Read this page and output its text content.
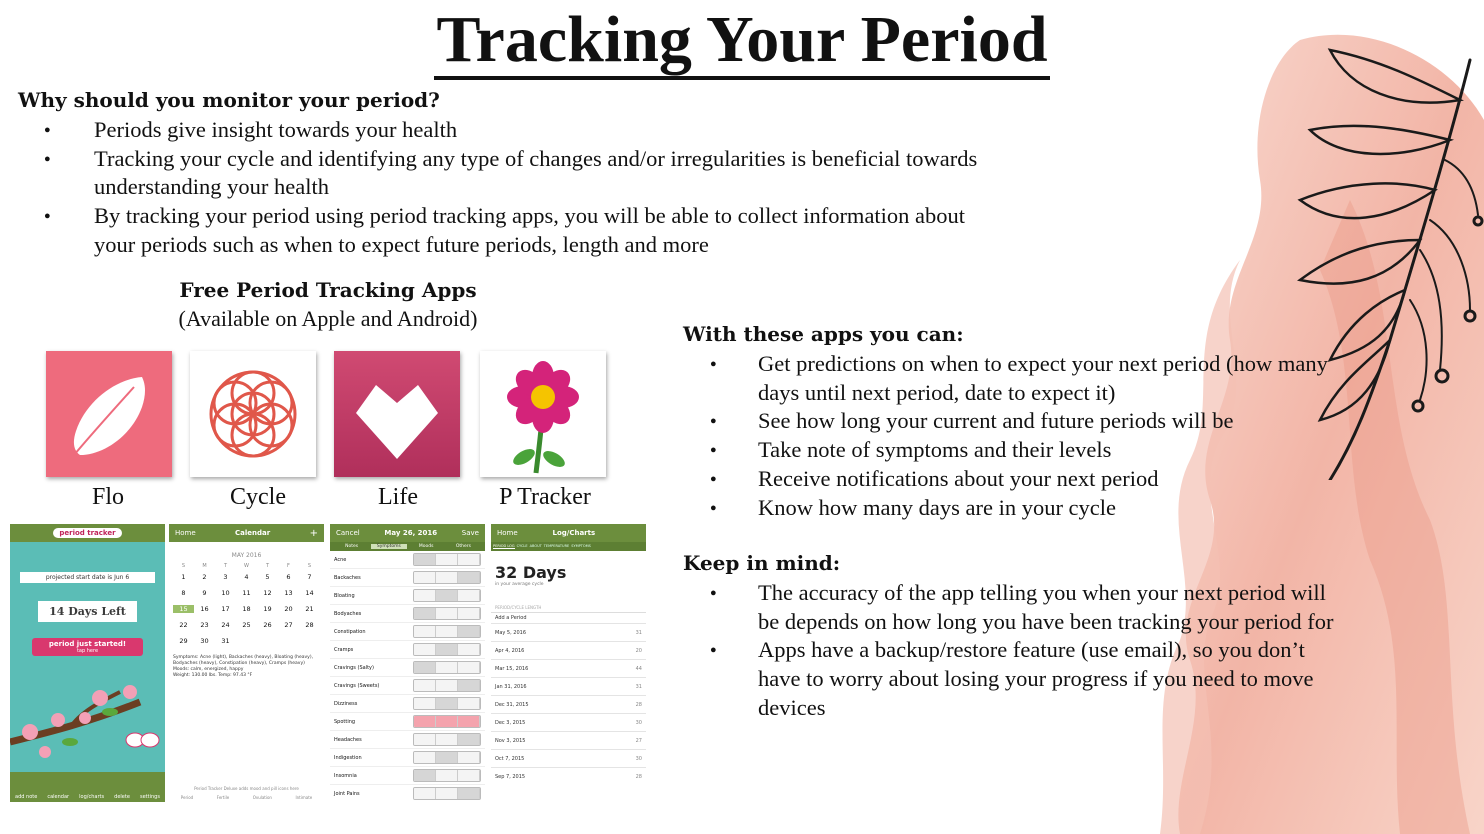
Tracking Your Period
Why should you monitor your period?
● Periods give insight towards your health
● Tracking your cycle and identifying any type of changes and/or irregularities is beneficial towards understanding your health
● By tracking your period using period tracking apps, you will be able to collect information about your periods such as when to expect future periods, length and more
Free Period Tracking Apps
(Available on Apple and Android)
Flo	Cycle	Life	P Tracker
period tracker
projected start date is Jun 6
14 Days Left
period just started!
tap here
add note calendar log/charts delete settings
Home	Calendar	+
MAY 2016
S	M	T	W	T	F	S
1	2	3	4	5	6	7
8	9	10	11	12	13	14
15	16	17	18	19	20	21
22	23	24	25	26	27	28
29	30	31
Symptoms: Acne (light), Backaches (heavy), Bloating (heavy), Bodyaches (heavy), Constipation (heavy), Cramps (heavy)
Moods: calm, energized, happy
Weight: 130.00 lbs. Temp: 97.43 °F
Period Tracker Deluxe adds mood and pill icons here
Period	Fertile	Ovulation	Intimate
Cancel	May 26, 2016	Save
Notes	Symptoms	Moods	Others
Acne
Backaches
Bloating
Bodyaches
Constipation
Cramps
Cravings (Salty)
Cravings (Sweets)
Dizziness
Spotting
Headaches
Indigestion
Insomnia
Joint Pains
Home	Log/Charts
PERIOD LOG CYCLE ABOUT TEMPERATURE SYMPTOMS
32 Days
in your average cycle
PERIOD/CYCLE LENGTH
Add a Period
May 5, 2016	31
Apr 4, 2016	20
Mar 15, 2016	44
Jan 31, 2016	31
Dec 31, 2015	28
Dec 3, 2015	30
Nov 3, 2015	27
Oct 7, 2015	30
Sep 7, 2015	28
With these apps you can:
● Get predictions on when to expect your next period (how many days until next period, date to expect it)
● See how long your current and future periods will be
● Take note of symptoms and their levels
● Receive notifications about your next period
● Know how many days are in your cycle
Keep in mind:
● The accuracy of the app telling you when your next period will be depends on how long you have been tracking your period for
● Apps have a backup/restore feature (use email), so you don’t have to worry about losing your progress if you need to move devices
